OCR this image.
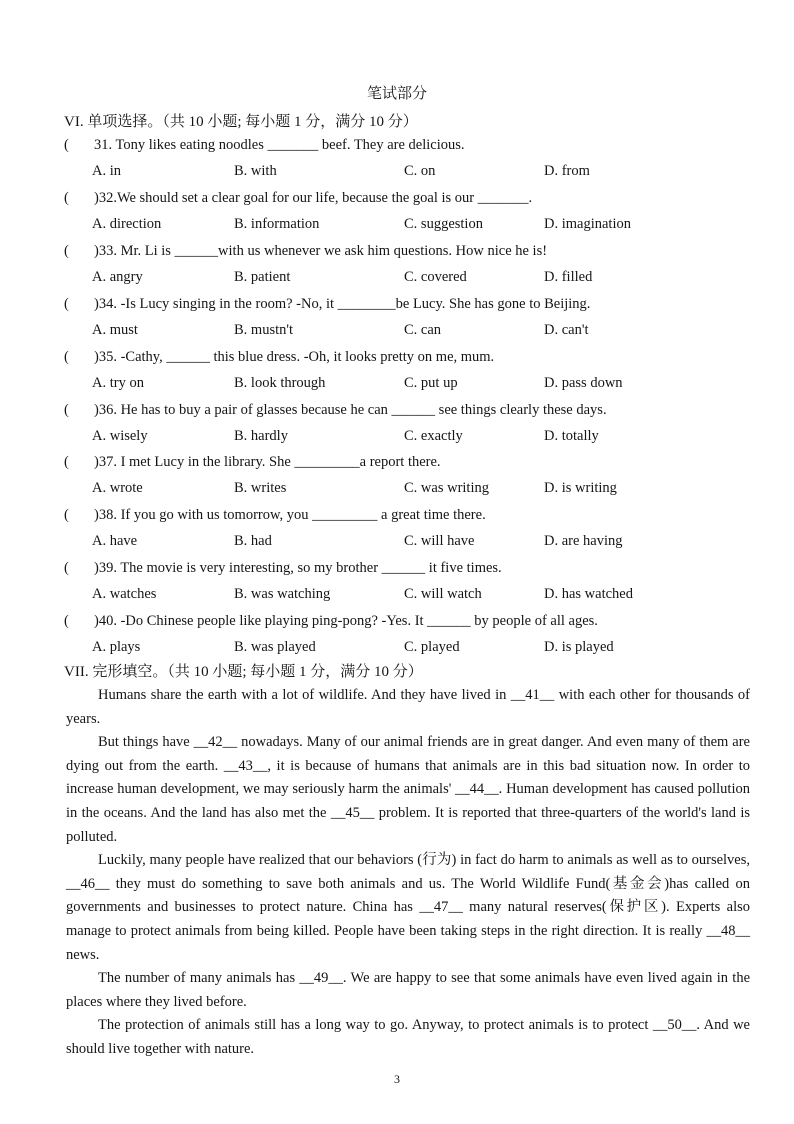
笔试部分
VI. 单项选择。（共 10 小题; 每小题 1 分，满分 10 分）
( 31. Tony likes eating noodles _______ beef. They are delicious.
A. in	B. with	C. on	D. from
( )32.We should set a clear goal for our life, because the goal is our _______.
A. direction	B. information	C. suggestion	D. imagination
( )33. Mr. Li is ______with us whenever we ask him questions. How nice he is!
A. angry	B. patient	C. covered	D. filled
( )34. -Is Lucy singing in the room? -No, it ________be Lucy. She has gone to Beijing.
A. must	B. mustn't	C. can	D. can't
( )35. -Cathy, ______ this blue dress. -Oh, it looks pretty on me, mum.
A. try on	B. look through	C. put up	D. pass down
( )36. He has to buy a pair of glasses because he can ______ see things clearly these days.
A. wisely	B. hardly	C. exactly	D. totally
( )37. I met Lucy in the library. She _________a report there.
A. wrote	B. writes	C. was writing	D. is writing
( )38. If you go with us tomorrow, you _________ a great time there.
A. have	B. had	C. will have	D. are having
( )39. The movie is very interesting, so my brother ______ it five times.
A. watches	B. was watching	C. will watch	D. has watched
( )40. -Do Chinese people like playing ping-pong? -Yes. It ______ by people of all ages.
A. plays	B. was played	C. played	D. is played
VII. 完形填空。（共 10 小题; 每小题 1 分，满分 10 分）

Humans share the earth with a lot of wildlife. And they have lived in __41__ with each other for thousands of years.

But things have __42__ nowadays. Many of our animal friends are in great danger. And even many of them are dying out from the earth. __43__, it is because of humans that animals are in this bad situation now. In order to increase human development, we may seriously harm the animals' __44__. Human development has caused pollution in the oceans. And the land has also met the __45__ problem. It is reported that three-quarters of the world's land is polluted.

Luckily, many people have realized that our behaviors (行为) in fact do harm to animals as well as to ourselves, __46__ they must do something to save both animals and us. The World Wildlife Fund(基金会)has called on governments and businesses to protect nature. China has __47__ many natural reserves(保护区). Experts also manage to protect animals from being killed. People have been taking steps in the right direction. It is really __48__ news.

The number of many animals has __49__. We are happy to see that some animals have even lived again in the places where they lived before.

The protection of animals still has a long way to go. Anyway, to protect animals is to protect __50__. And we should live together with nature.

3
